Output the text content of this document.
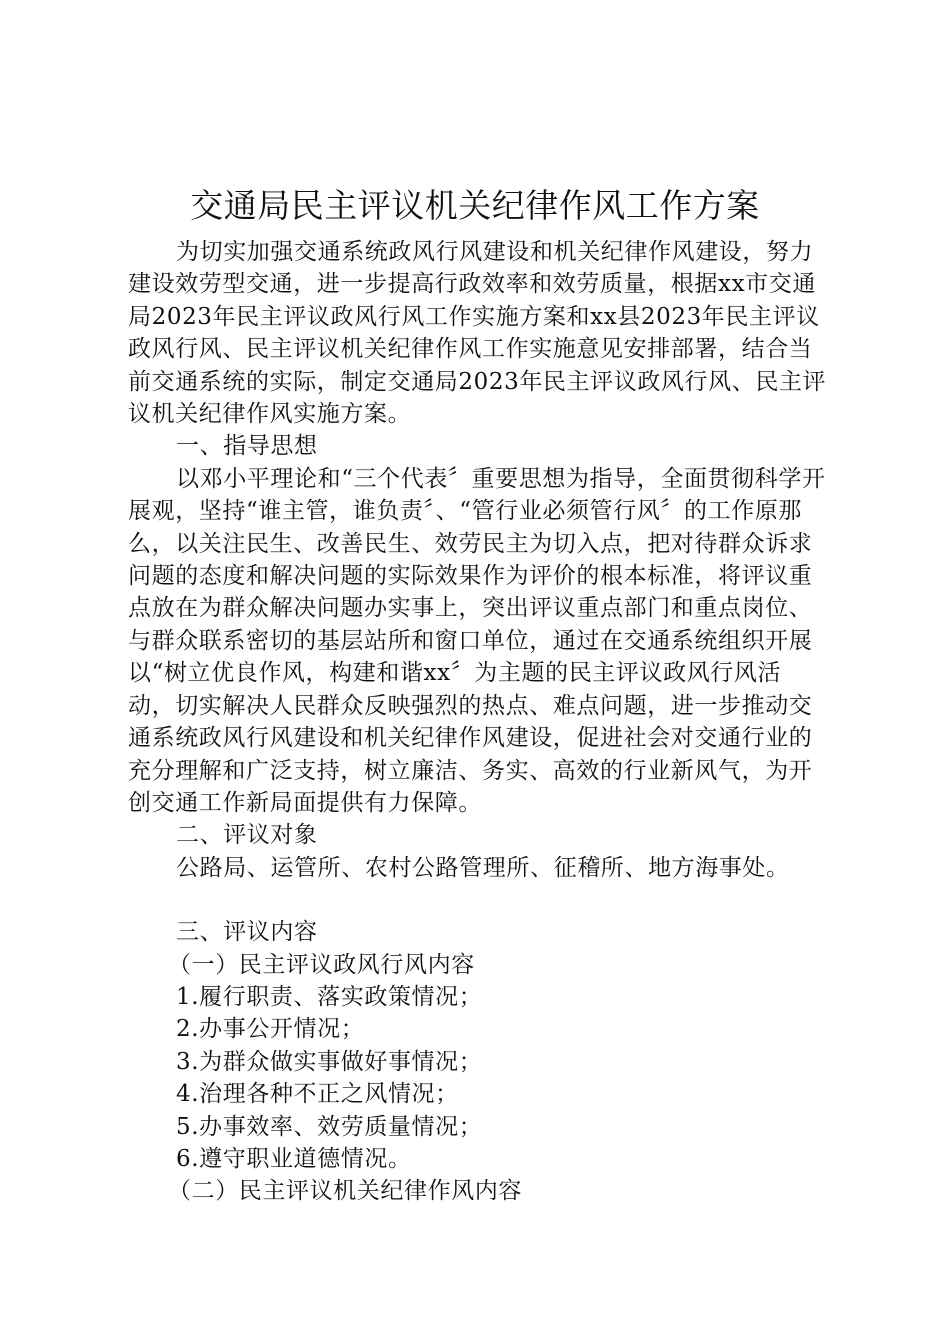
交通局民主评议机关纪律作风工作方案

为切实加强交通系统政风行风建设和机关纪律作风建设，努力建设效劳型交通，进一步提高行政效率和效劳质量，根据xx市交通局2023年民主评议政风行风工作实施方案和xx县2023年民主评议政风行风、民主评议机关纪律作风工作实施意见安排部署，结合当前交通系统的实际，制定交通局2023年民主评议政风行风、民主评议机关纪律作风实施方案。

一、指导思想

以邓小平理论和“三个代表〞重要思想为指导，全面贯彻科学开展观，坚持“谁主管，谁负责〞、“管行业必须管行风〞的工作原那么，以关注民生、改善民生、效劳民主为切入点，把对待群众诉求问题的态度和解决问题的实际效果作为评价的根本标准，将评议重点放在为群众解决问题办实事上，突出评议重点部门和重点岗位、与群众联系密切的基层站所和窗口单位，通过在交通系统组织开展以“树立优良作风，构建和谐xx〞为主题的民主评议政风行风活动，切实解决人民群众反映强烈的热点、难点问题，进一步推动交通系统政风行风建设和机关纪律作风建设，促进社会对交通行业的充分理解和广泛支持，树立廉洁、务实、高效的行业新风气，为开创交通工作新局面提供有力保障。

二、评议对象

公路局、运管所、农村公路管理所、征稽所、地方海事处。

三、评议内容

（一）民主评议政风行风内容

1.履行职责、落实政策情况；

2.办事公开情况；

3.为群众做实事做好事情况；

4.治理各种不正之风情况；

5.办事效率、效劳质量情况；

6.遵守职业道德情况。

（二）民主评议机关纪律作风内容
